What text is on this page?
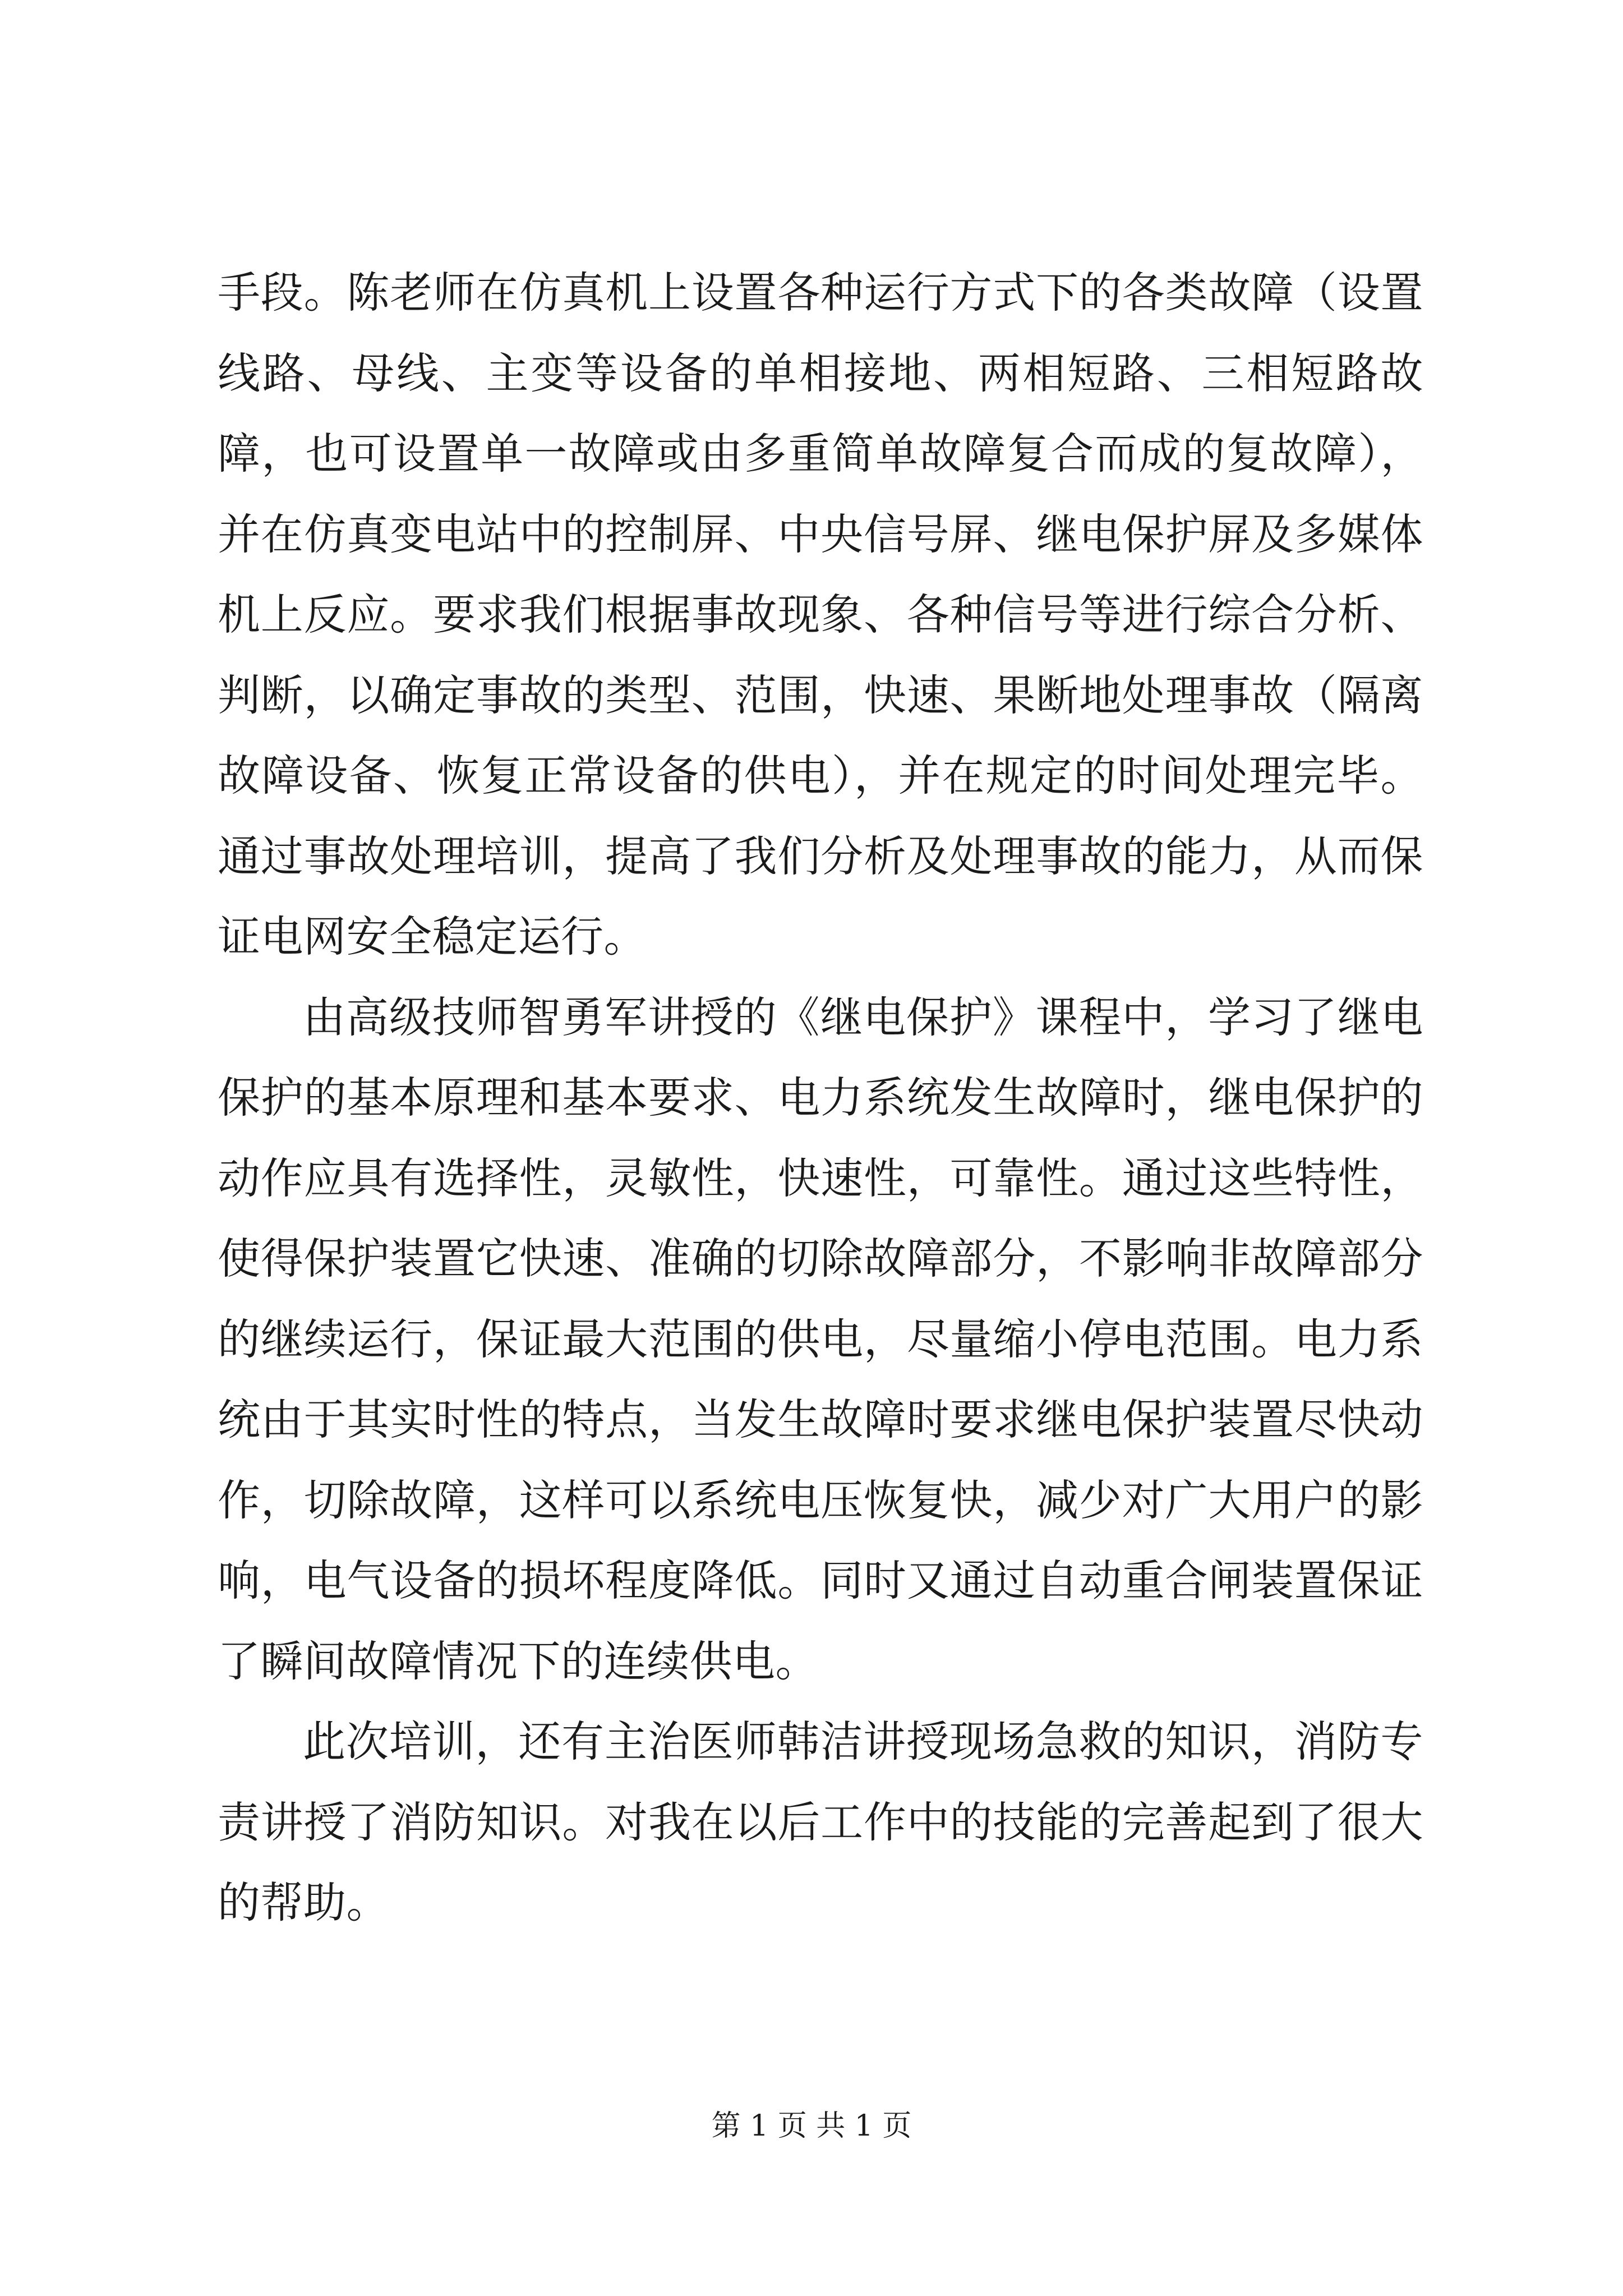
手段。陈老师在仿真机上设置各种运行方式下的各类故障（设置线路、母线、主变等设备的单相接地、两相短路、三相短路故障，也可设置单一故障或由多重简单故障复合而成的复故障），并在仿真变电站中的控制屏、中央信号屏、继电保护屏及多媒体机上反应。要求我们根据事故现象、各种信号等进行综合分析、判断，以确定事故的类型、范围，快速、果断地处理事故（隔离故障设备、恢复正常设备的供电），并在规定的时间处理完毕。通过事故处理培训，提高了我们分析及处理事故的能力，从而保证电网安全稳定运行。

由高级技师智勇军讲授的《继电保护》课程中，学习了继电保护的基本原理和基本要求、电力系统发生故障时，继电保护的动作应具有选择性，灵敏性，快速性，可靠性。通过这些特性，使得保护装置它快速、准确的切除故障部分，不影响非故障部分的继续运行，保证最大范围的供电，尽量缩小停电范围。电力系统由于其实时性的特点，当发生故障时要求继电保护装置尽快动作，切除故障，这样可以系统电压恢复快，减少对广大用户的影响，电气设备的损坏程度降低。同时又通过自动重合闸装置保证了瞬间故障情况下的连续供电。

此次培训，还有主治医师韩洁讲授现场急救的知识，消防专责讲授了消防知识。对我在以后工作中的技能的完善起到了很大的帮助。

第 1 页 共 1 页
